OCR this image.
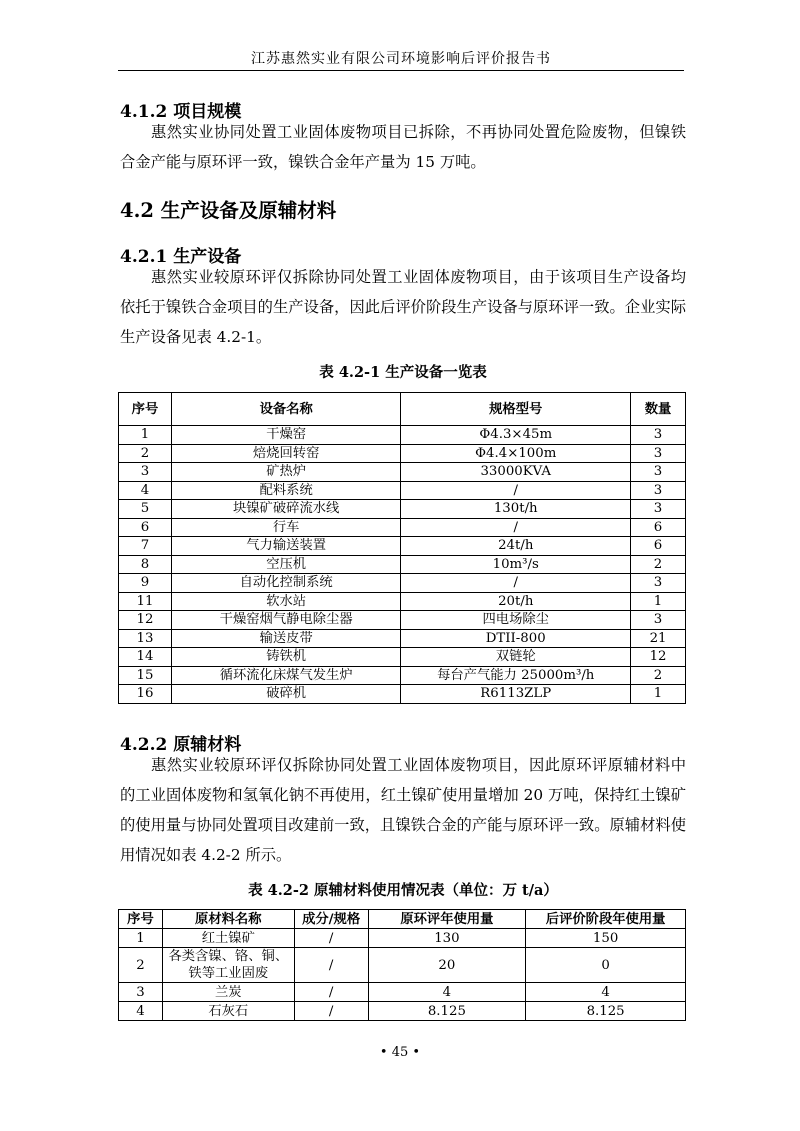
江苏惠然实业有限公司环境影响后评价报告书
4.1.2 项目规模
惠然实业协同处置工业固体废物项目已拆除，不再协同处置危险废物，但镍铁合金产能与原环评一致，镍铁合金年产量为 15 万吨。
4.2 生产设备及原辅材料
4.2.1 生产设备
惠然实业较原环评仅拆除协同处置工业固体废物项目，由于该项目生产设备均依托于镍铁合金项目的生产设备，因此后评价阶段生产设备与原环评一致。企业实际生产设备见表 4.2-1。
表 4.2-1 生产设备一览表
序号	设备名称	规格型号	数量
1	干燥窑	Φ4.3×45m	3
2	焙烧回转窑	Φ4.4×100m	3
3	矿热炉	33000KVA	3
4	配料系统	/	3
5	块镍矿破碎流水线	130t/h	3
6	行车	/	6
7	气力输送装置	24t/h	6
8	空压机	10m³/s	2
9	自动化控制系统	/	3
11	软水站	20t/h	1
12	干燥窑烟气静电除尘器	四电场除尘	3
13	输送皮带	DTII-800	21
14	铸铁机	双链轮	12
15	循环流化床煤气发生炉	每台产气能力 25000m³/h	2
16	破碎机	R6113ZLP	1
4.2.2 原辅材料
惠然实业较原环评仅拆除协同处置工业固体废物项目，因此原环评原辅材料中的工业固体废物和氢氧化钠不再使用，红土镍矿使用量增加 20 万吨，保持红土镍矿的使用量与协同处置项目改建前一致，且镍铁合金的产能与原环评一致。原辅材料使用情况如表 4.2-2 所示。
表 4.2-2 原辅材料使用情况表（单位：万 t/a）
序号	原材料名称	成分/规格	原环评年使用量	后评价阶段年使用量
1	红土镍矿	/	130	150
2	各类含镍、铬、铜、铁等工业固废	/	20	0
3	兰炭	/	4	4
4	石灰石	/	8.125	8.125
• 45 •
